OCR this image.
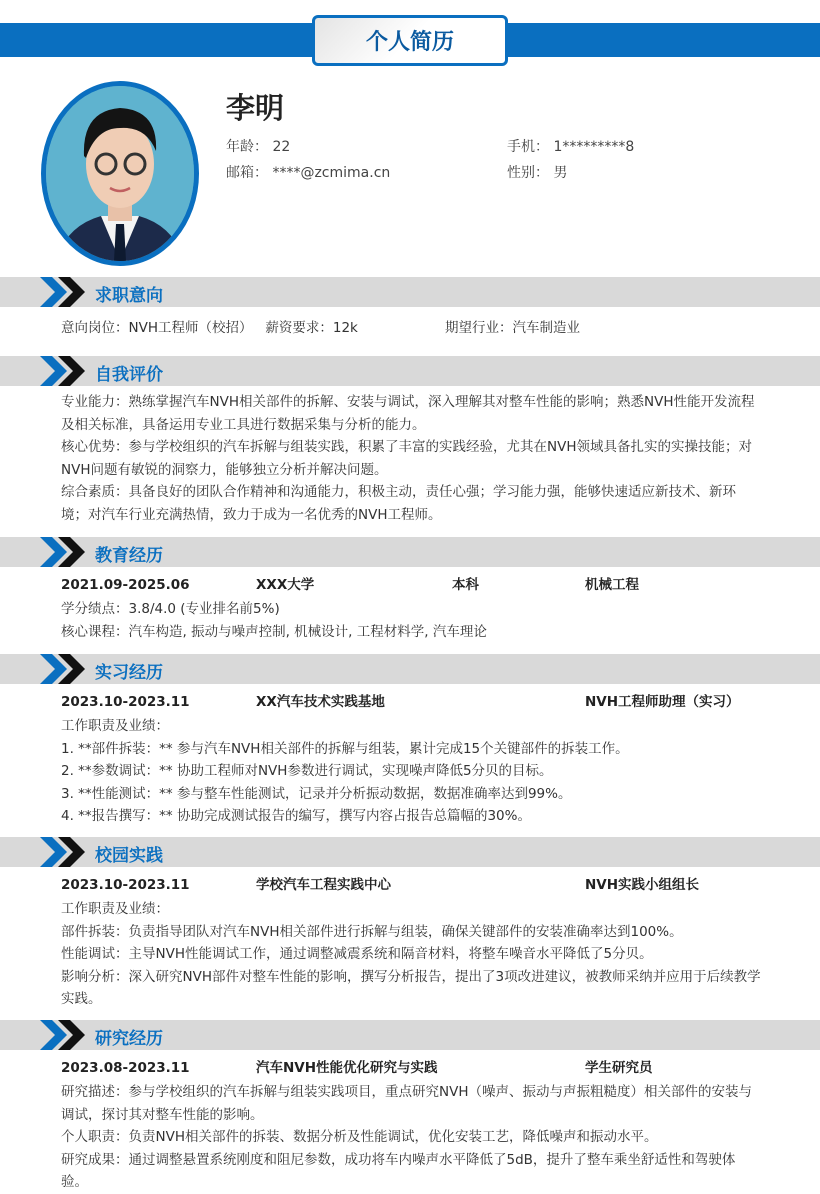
个人简历
李明
年龄： 22	手机： 1*********8
邮箱： ****@zcmima.cn	性别： 男
求职意向
意向岗位：NVH工程师（校招） 薪资要求：12k	期望行业：汽车制造业
自我评价
专业能力：熟练掌握汽车NVH相关部件的拆解、安装与调试，深入理解其对整车性能的影响；熟悉NVH性能开发流程及相关标准，具备运用专业工具进行数据采集与分析的能力。
核心优势：参与学校组织的汽车拆解与组装实践，积累了丰富的实践经验，尤其在NVH领域具备扎实的实操技能；对NVH问题有敏锐的洞察力，能够独立分析并解决问题。
综合素质：具备良好的团队合作精神和沟通能力，积极主动，责任心强；学习能力强，能够快速适应新技术、新环境；对汽车行业充满热情，致力于成为一名优秀的NVH工程师。
教育经历
2021.09-2025.06	XXX大学	本科	机械工程
学分绩点：3.8/4.0 (专业排名前5%)
核心课程：汽车构造, 振动与噪声控制, 机械设计, 工程材料学, 汽车理论
实习经历
2023.10-2023.11	XX汽车技术实践基地	NVH工程师助理（实习）
工作职责及业绩：
1. **部件拆装：** 参与汽车NVH相关部件的拆解与组装，累计完成15个关键部件的拆装工作。
2. **参数调试：** 协助工程师对NVH参数进行调试，实现噪声降低5分贝的目标。
3. **性能测试：** 参与整车性能测试，记录并分析振动数据，数据准确率达到99%。
4. **报告撰写：** 协助完成测试报告的编写，撰写内容占报告总篇幅的30%。
校园实践
2023.10-2023.11	学校汽车工程实践中心	NVH实践小组组长
工作职责及业绩：
部件拆装：负责指导团队对汽车NVH相关部件进行拆解与组装，确保关键部件的安装准确率达到100%。
性能调试：主导NVH性能调试工作，通过调整减震系统和隔音材料，将整车噪音水平降低了5分贝。
影响分析：深入研究NVH部件对整车性能的影响，撰写分析报告，提出了3项改进建议，被教师采纳并应用于后续教学实践。
研究经历
2023.08-2023.11	汽车NVH性能优化研究与实践	学生研究员
研究描述：参与学校组织的汽车拆解与组装实践项目，重点研究NVH（噪声、振动与声振粗糙度）相关部件的安装与调试，探讨其对整车性能的影响。
个人职责：负责NVH相关部件的拆装、数据分析及性能调试，优化安装工艺，降低噪声和振动水平。
研究成果：通过调整悬置系统刚度和阻尼参数，成功将车内噪声水平降低了5dB，提升了整车乘坐舒适性和驾驶体验。
